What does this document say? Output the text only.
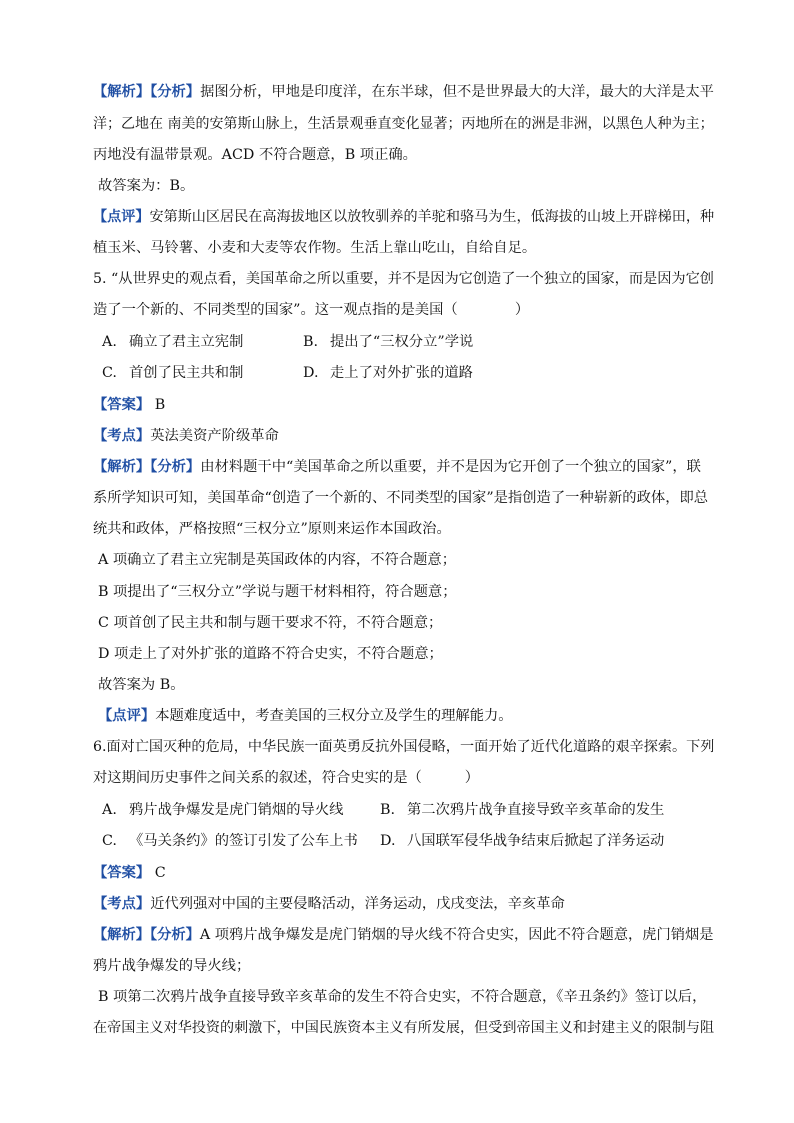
【解析】【分析】据图分析，甲地是印度洋，在东半球，但不是世界最大的大洋，最大的大洋是太平
洋；乙地在 南美的安第斯山脉上，生活景观垂直变化显著；丙地所在的洲是非洲，以黑色人种为主；
丙地没有温带景观。ACD 不符合题意，B 项正确。
故答案为：B。
【点评】安第斯山区居民在高海拔地区以放牧驯养的羊驼和骆马为生，低海拔的山坡上开辟梯田，种
植玉米、马铃薯、小麦和大麦等农作物。生活上靠山吃山，自给自足。
5. “从世界史的观点看，美国革命之所以重要，并不是因为它创造了一个独立的国家，而是因为它创
造了一个新的、不同类型的国家”。这一观点指的是美国（　　　　）
A. 确立了君主立宪制	B. 提出了“三权分立”学说
C. 首创了民主共和制	D. 走上了对外扩张的道路
【答案】 B
【考点】英法美资产阶级革命
【解析】【分析】由材料题干中“美国革命之所以重要，并不是因为它开创了一个独立的国家”，联
系所学知识可知，美国革命“创造了一个新的、不同类型的国家”是指创造了一种崭新的政体，即总
统共和政体，严格按照“三权分立”原则来运作本国政治。
A 项确立了君主立宪制是英国政体的内容，不符合题意；
B 项提出了“三权分立”学说与题干材料相符，符合题意；
C 项首创了民主共和制与题干要求不符，不符合题意；
D 项走上了对外扩张的道路不符合史实，不符合题意；
故答案为 B。
【点评】本题难度适中，考查美国的三权分立及学生的理解能力。
6.面对亡国灭种的危局，中华民族一面英勇反抗外国侵略，一面开始了近代化道路的艰辛探索。下列
对这期间历史事件之间关系的叙述，符合史实的是（　　　）
A. 鸦片战争爆发是虎门销烟的导火线	B. 第二次鸦片战争直接导致辛亥革命的发生
C. 《马关条约》的签订引发了公车上书 D. 八国联军侵华战争结束后掀起了洋务运动
【答案】 C
【考点】近代列强对中国的主要侵略活动，洋务运动，戊戌变法，辛亥革命
【解析】【分析】A 项鸦片战争爆发是虎门销烟的导火线不符合史实，因此不符合题意，虎门销烟是
鸦片战争爆发的导火线；
B 项第二次鸦片战争直接导致辛亥革命的发生不符合史实，不符合题意，《辛丑条约》签订以后，
在帝国主义对华投资的刺激下，中国民族资本主义有所发展，但受到帝国主义和封建主义的限制与阻
